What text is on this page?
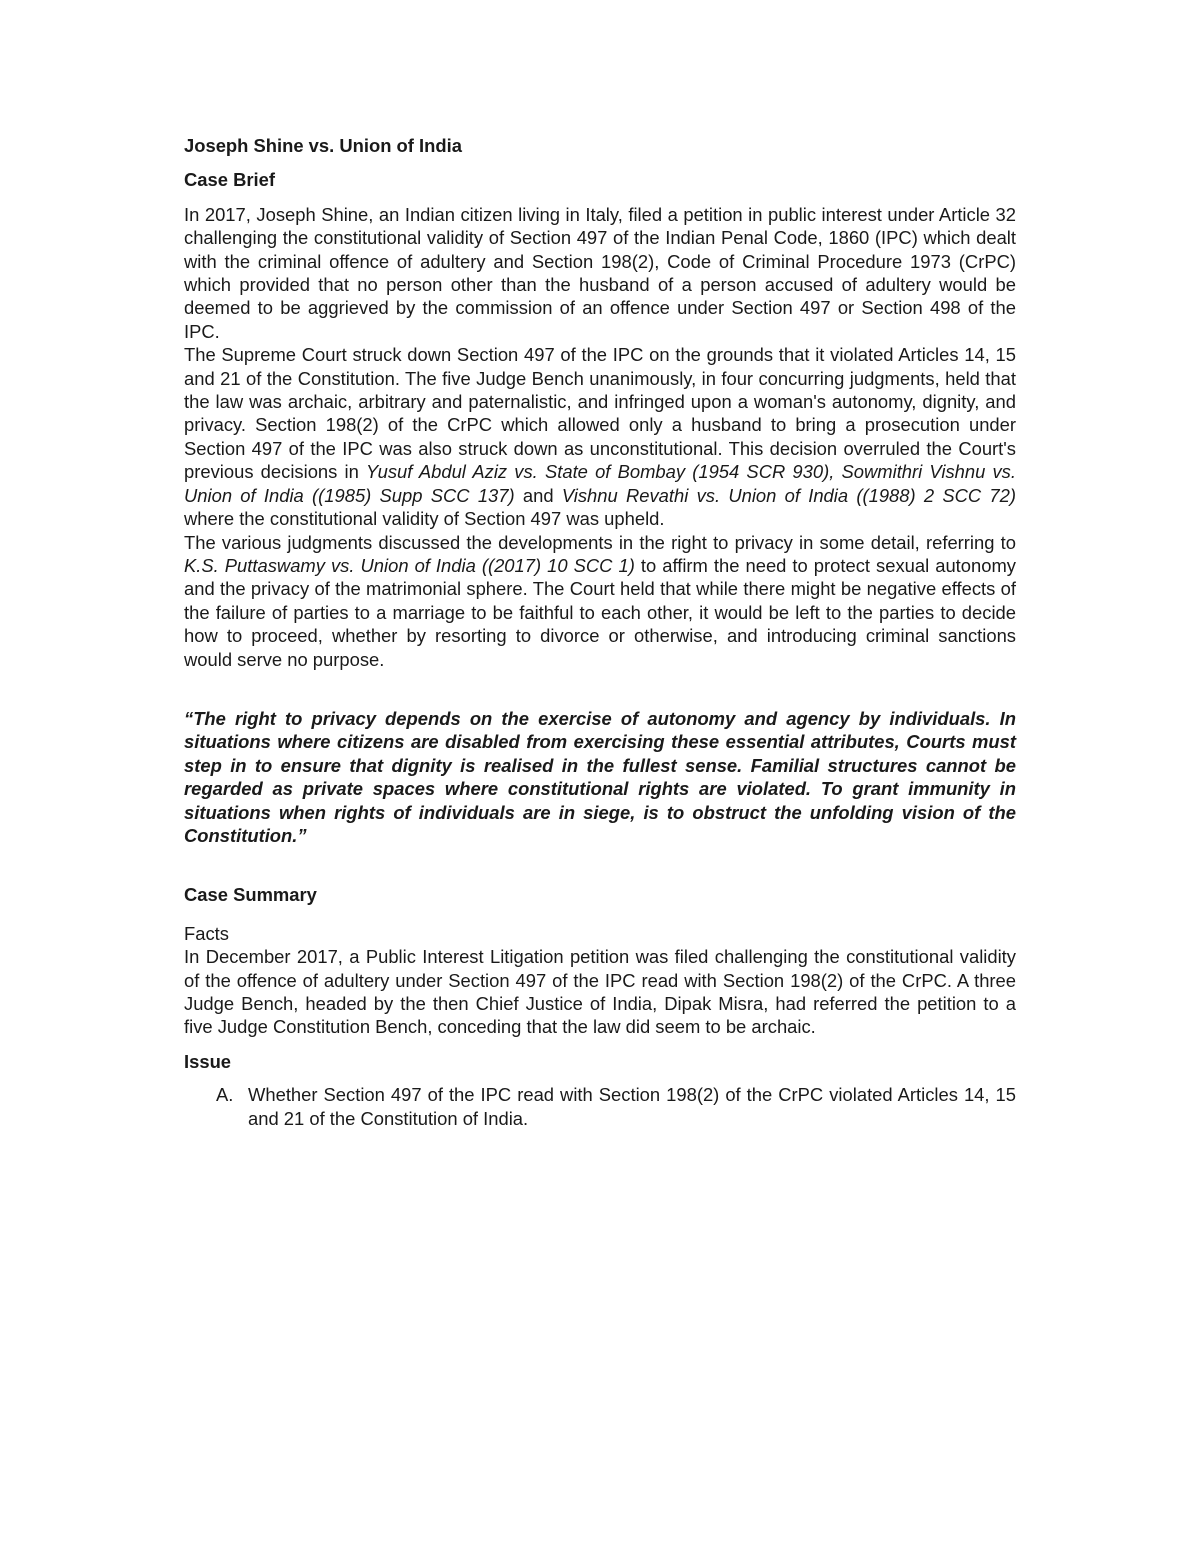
Joseph Shine vs. Union of India

Case Brief

In 2017, Joseph Shine, an Indian citizen living in Italy, filed a petition in public interest under Article 32 challenging the constitutional validity of Section 497 of the Indian Penal Code, 1860 (IPC) which dealt with the criminal offence of adultery and Section 198(2), Code of Criminal Procedure 1973 (CrPC) which provided that no person other than the husband of a person accused of adultery would be deemed to be aggrieved by the commission of an offence under Section 497 or Section 498 of the IPC.

The Supreme Court struck down Section 497 of the IPC on the grounds that it violated Articles 14, 15 and 21 of the Constitution. The five Judge Bench unanimously, in four concurring judgments, held that the law was archaic, arbitrary and paternalistic, and infringed upon a woman's autonomy, dignity, and privacy. Section 198(2) of the CrPC which allowed only a husband to bring a prosecution under Section 497 of the IPC was also struck down as unconstitutional. This decision overruled the Court's previous decisions in Yusuf Abdul Aziz vs. State of Bombay (1954 SCR 930), Sowmithri Vishnu vs. Union of India ((1985) Supp SCC 137) and Vishnu Revathi vs. Union of India ((1988) 2 SCC 72) where the constitutional validity of Section 497 was upheld.

The various judgments discussed the developments in the right to privacy in some detail, referring to K.S. Puttaswamy vs. Union of India ((2017) 10 SCC 1) to affirm the need to protect sexual autonomy and the privacy of the matrimonial sphere. The Court held that while there might be negative effects of the failure of parties to a marriage to be faithful to each other, it would be left to the parties to decide how to proceed, whether by resorting to divorce or otherwise, and introducing criminal sanctions would serve no purpose.

“The right to privacy depends on the exercise of autonomy and agency by individuals. In situations where citizens are disabled from exercising these essential attributes, Courts must step in to ensure that dignity is realised in the fullest sense. Familial structures cannot be regarded as private spaces where constitutional rights are violated. To grant immunity in situations when rights of individuals are in siege, is to obstruct the unfolding vision of the Constitution.”

Case Summary

Facts

In December 2017, a Public Interest Litigation petition was filed challenging the constitutional validity of the offence of adultery under Section 497 of the IPC read with Section 198(2) of the CrPC. A three Judge Bench, headed by the then Chief Justice of India, Dipak Misra, had referred the petition to a five Judge Constitution Bench, conceding that the law did seem to be archaic.

Issue

A. Whether Section 497 of the IPC read with Section 198(2) of the CrPC violated Articles 14, 15 and 21 of the Constitution of India.
